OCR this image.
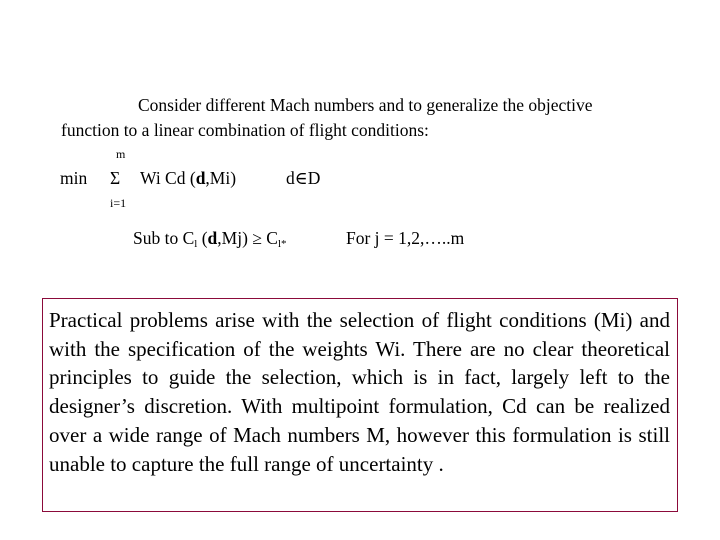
Consider different Mach numbers and to generalize the objective
function to a linear combination of flight conditions:
m
min Σ Wi Cd (d,Mi)	d∈D
i=1
Sub to $C_l$ $(d,Mj) \ge C_{l*}$	For j = 1,2,…..m
Practical problems arise with the selection of flight conditions (Mi) and with the specification of the weights Wi. There are no clear theoretical principles to guide the selection, which is in fact, largely left to the designer’s discretion. With multipoint formulation, Cd can be realized over a wide range of Mach numbers M, however this formulation is still unable to capture the full range of uncertainty .
